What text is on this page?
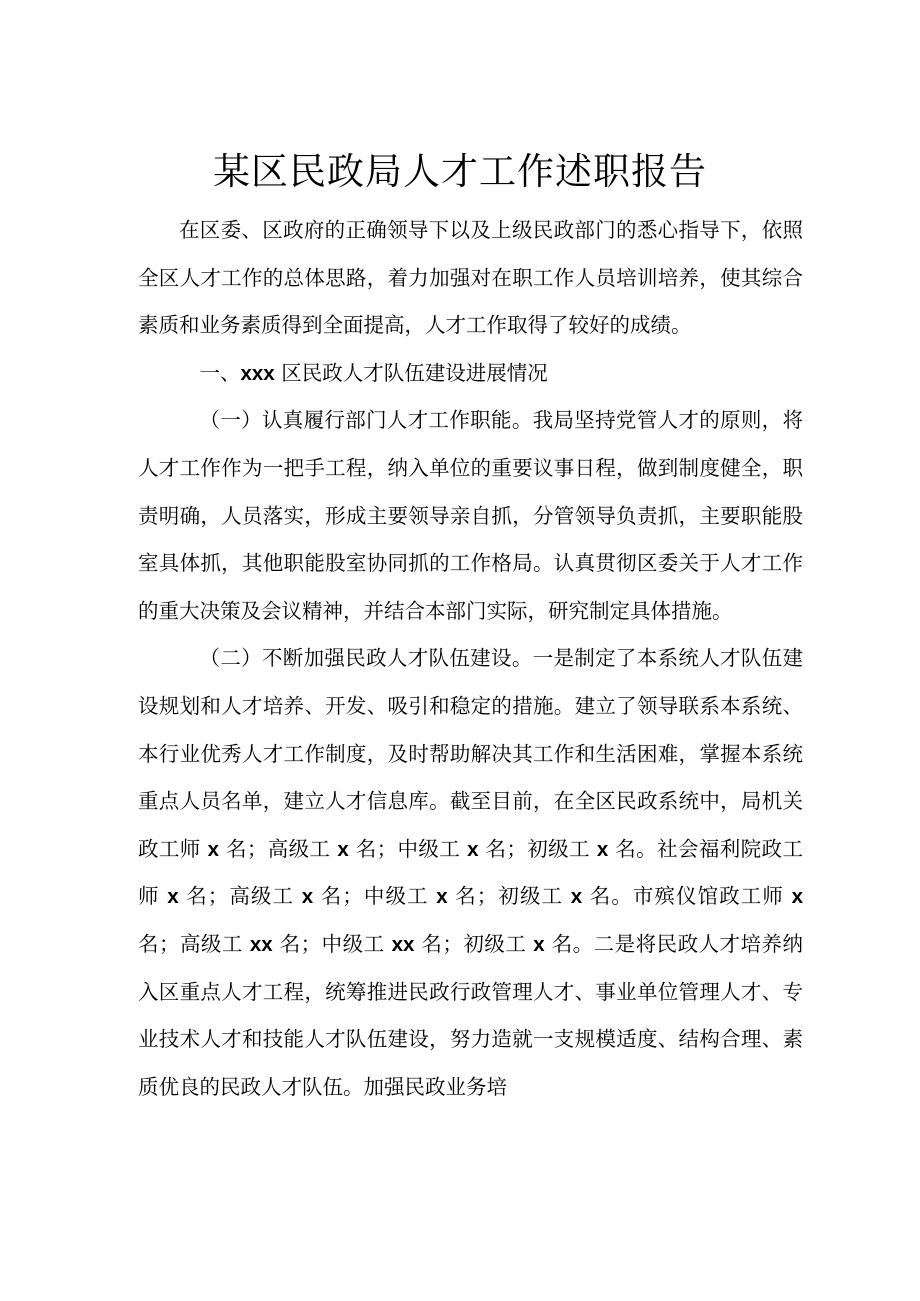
某区民政局人才工作述职报告

在区委、区政府的正确领导下以及上级民政部门的悉心指导下，依照全区人才工作的总体思路，着力加强对在职工作人员培训培养，使其综合素质和业务素质得到全面提高，人才工作取得了较好的成绩。

一、xxx 区民政人才队伍建设进展情况

（一）认真履行部门人才工作职能。我局坚持党管人才的原则，将人才工作作为一把手工程，纳入单位的重要议事日程，做到制度健全，职责明确，人员落实，形成主要领导亲自抓，分管领导负责抓，主要职能股室具体抓，其他职能股室协同抓的工作格局。认真贯彻区委关于人才工作的重大决策及会议精神，并结合本部门实际，研究制定具体措施。

（二）不断加强民政人才队伍建设。一是制定了本系统人才队伍建设规划和人才培养、开发、吸引和稳定的措施。建立了领导联系本系统、本行业优秀人才工作制度，及时帮助解决其工作和生活困难，掌握本系统重点人员名单，建立人才信息库。截至目前，在全区民政系统中，局机关政工师 x 名；高级工 x 名；中级工 x 名；初级工 x 名。社会福利院政工师 x 名；高级工 x 名；中级工 x 名；初级工 x 名。市殡仪馆政工师 x 名；高级工 xx 名；中级工 xx 名；初级工 x 名。二是将民政人才培养纳入区重点人才工程，统筹推进民政行政管理人才、事业单位管理人才、专业技术人才和技能人才队伍建设，努力造就一支规模适度、结构合理、素质优良的民政人才队伍。加强民政业务培
